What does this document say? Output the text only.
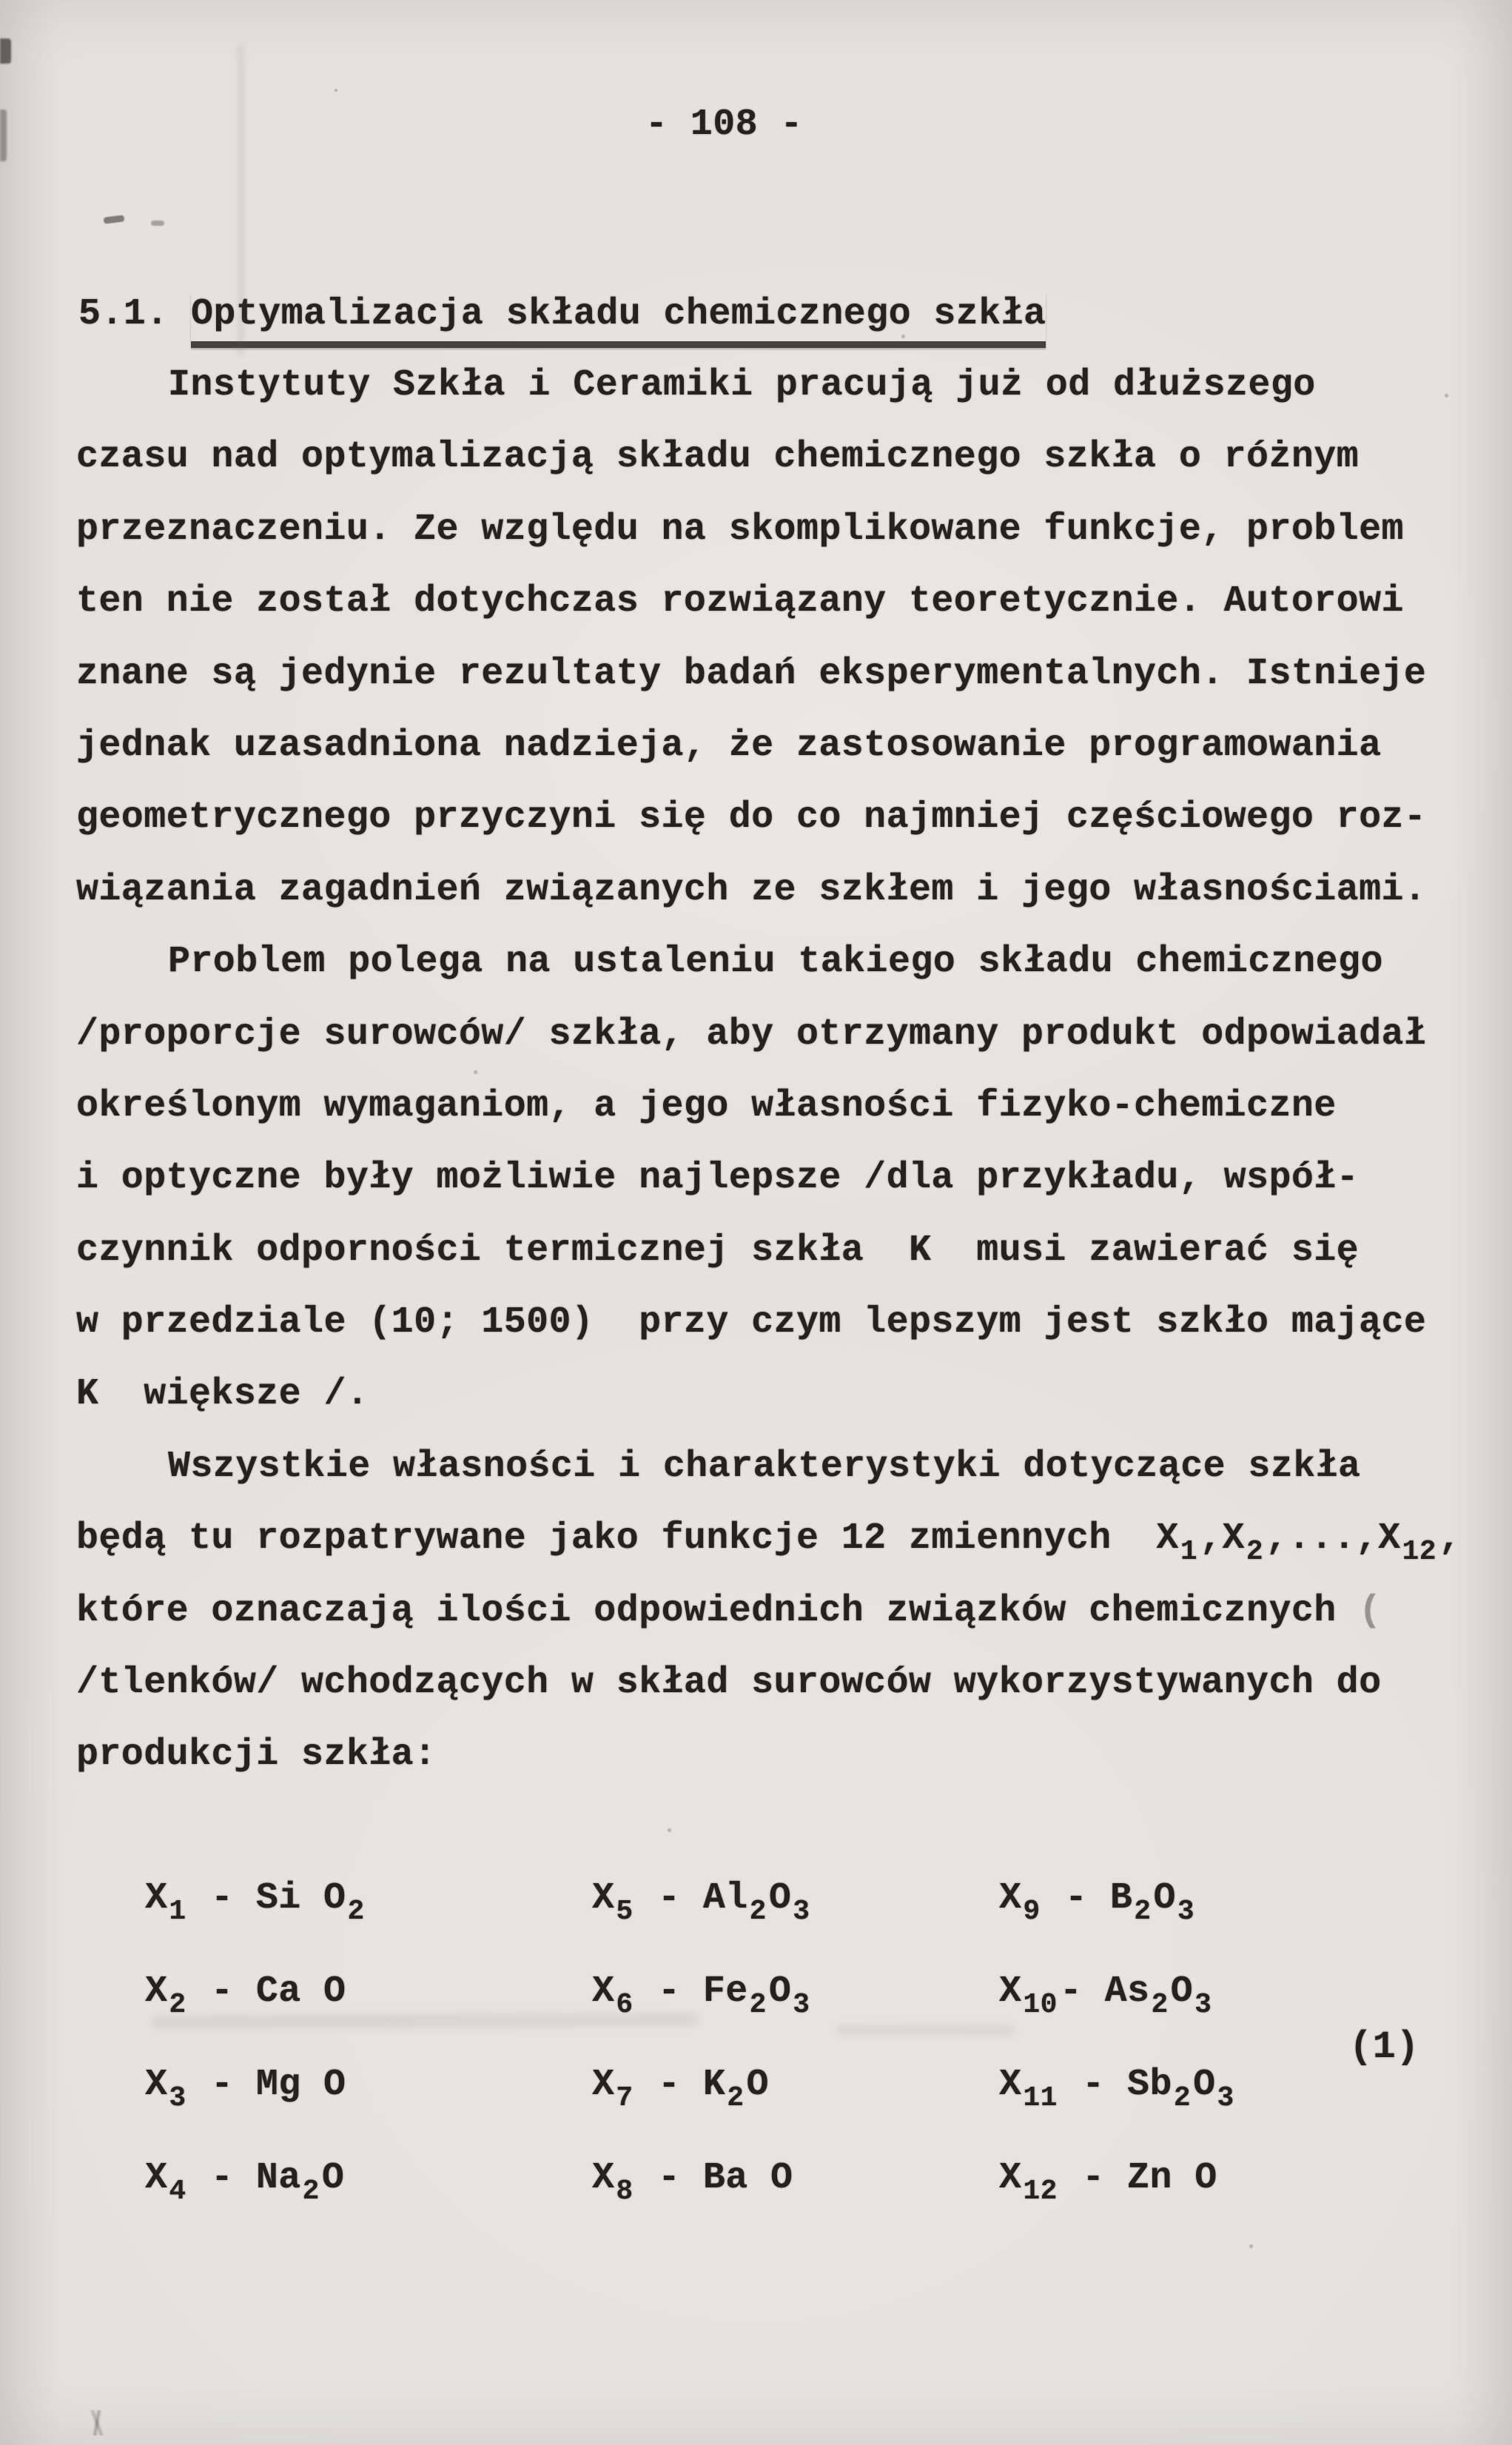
- 108 -
5.1. Optymalizacja składu chemicznego szkła
Instytuty Szkła i Ceramiki pracują już od dłuższego
czasu nad optymalizacją składu chemicznego szkła o różnym
przeznaczeniu. Ze względu na skomplikowane funkcje, problem
ten nie został dotychczas rozwiązany teoretycznie. Autorowi
znane są jedynie rezultaty badań eksperymentalnych. Istnieje
jednak uzasadniona nadzieja, że zastosowanie programowania
geometrycznego przyczyni się do co najmniej częściowego roz-
wiązania zagadnień związanych ze szkłem i jego własnościami.
Problem polega na ustaleniu takiego składu chemicznego
/proporcje surowców/ szkła, aby otrzymany produkt odpowiadał
określonym wymaganiom, a jego własności fizyko-chemiczne
i optyczne były możliwie najlepsze /dla przykładu, współ-
czynnik odporności termicznej szkła  K  musi zawierać się
w przedziale (10; 1500)  przy czym lepszym jest szkło mające
K  większe /.
Wszystkie własności i charakterystyki dotyczące szkła
będą tu rozpatrywane jako funkcje 12 zmiennych  $X_1,X_2,...,X_{12}$,
które oznaczają ilości odpowiednich związków chemicznych (
/tlenków/ wchodzących w skład surowców wykorzystywanych do
produkcji szkła:
$X_1$ - Si $O_2$
$X_2$ - Ca O
$X_3$ - Mg O
$X_4 - Na_2O$
$X_5 - Al_2O_3$
$X_6 - Fe_2O_3$
$X_7 - K_2O$
$X_8$ - Ba O
$X_9 - B_2O_3$
$X_{10}-$ $As_2O_3$
$X_{11} - Sb_2O_3$
$X_{12}$ - Zn O
(1)
